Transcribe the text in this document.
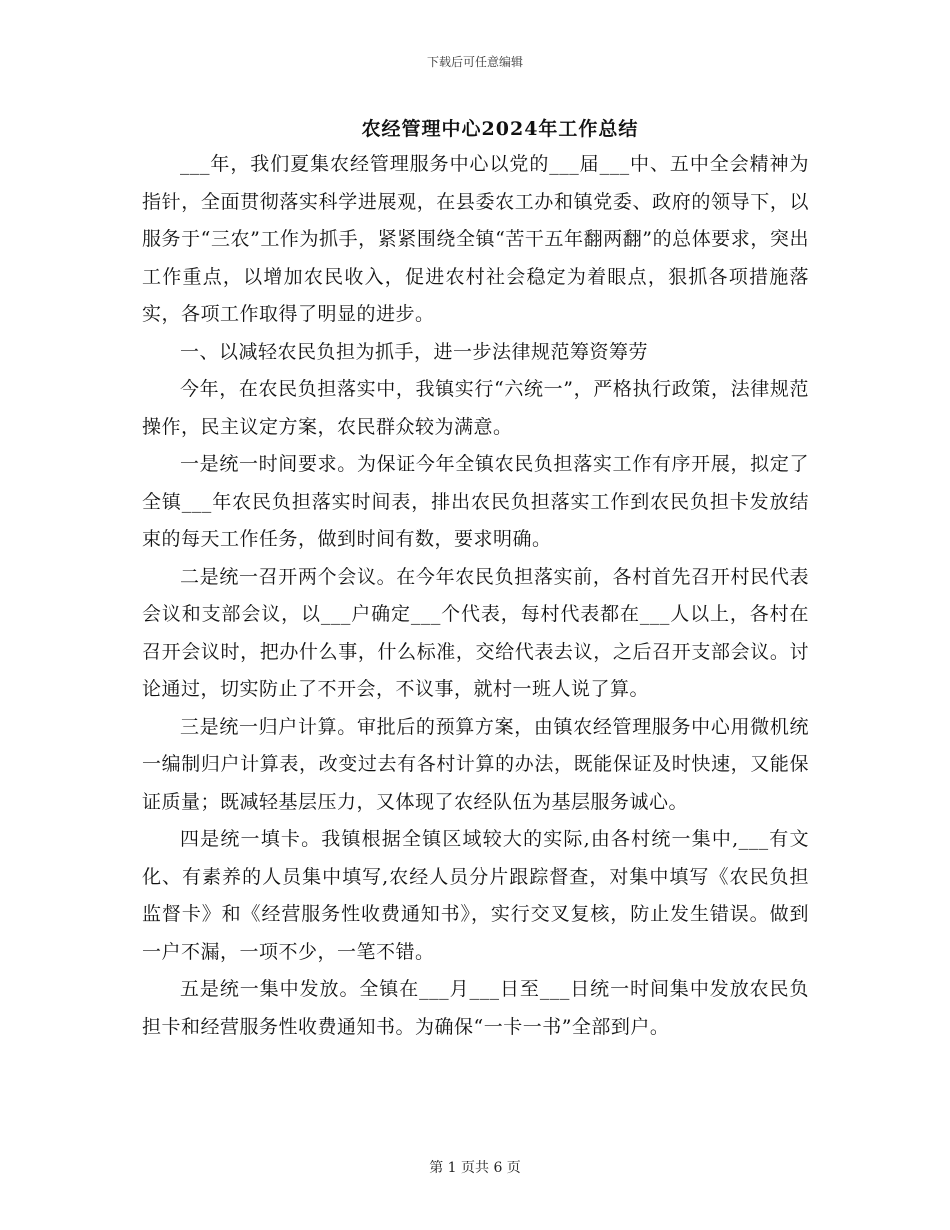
下载后可任意编辑
农经管理中心2024年工作总结

___年，我们夏集农经管理服务中心以党的___届___中、五中全会精神为指针，全面贯彻落实科学进展观，在县委农工办和镇党委、政府的领导下，以服务于“三农”工作为抓手，紧紧围绕全镇“苦干五年翻两翻”的总体要求，突出工作重点，以增加农民收入，促进农村社会稳定为着眼点，狠抓各项措施落实，各项工作取得了明显的进步。

一、以减轻农民负担为抓手，进一步法律规范筹资筹劳

今年，在农民负担落实中，我镇实行“六统一”，严格执行政策，法律规范操作，民主议定方案，农民群众较为满意。

一是统一时间要求。为保证今年全镇农民负担落实工作有序开展，拟定了全镇___年农民负担落实时间表，排出农民负担落实工作到农民负担卡发放结束的每天工作任务，做到时间有数，要求明确。

二是统一召开两个会议。在今年农民负担落实前，各村首先召开村民代表会议和支部会议，以___户确定___个代表，每村代表都在___人以上，各村在召开会议时，把办什么事，什么标准，交给代表去议，之后召开支部会议。讨论通过，切实防止了不开会，不议事，就村一班人说了算。

三是统一归户计算。审批后的预算方案，由镇农经管理服务中心用微机统一编制归户计算表，改变过去有各村计算的办法，既能保证及时快速，又能保证质量；既减轻基层压力，又体现了农经队伍为基层服务诚心。

四是统一填卡。我镇根据全镇区域较大的实际,由各村统一集中,___有文化、有素养的人员集中填写,农经人员分片跟踪督查，对集中填写《农民负担监督卡》和《经营服务性收费通知书》，实行交叉复核，防止发生错误。做到一户不漏，一项不少，一笔不错。

五是统一集中发放。全镇在___月___日至___日统一时间集中发放农民负担卡和经营服务性收费通知书。为确保“一卡一书”全部到户。

第 1 页共 6 页
